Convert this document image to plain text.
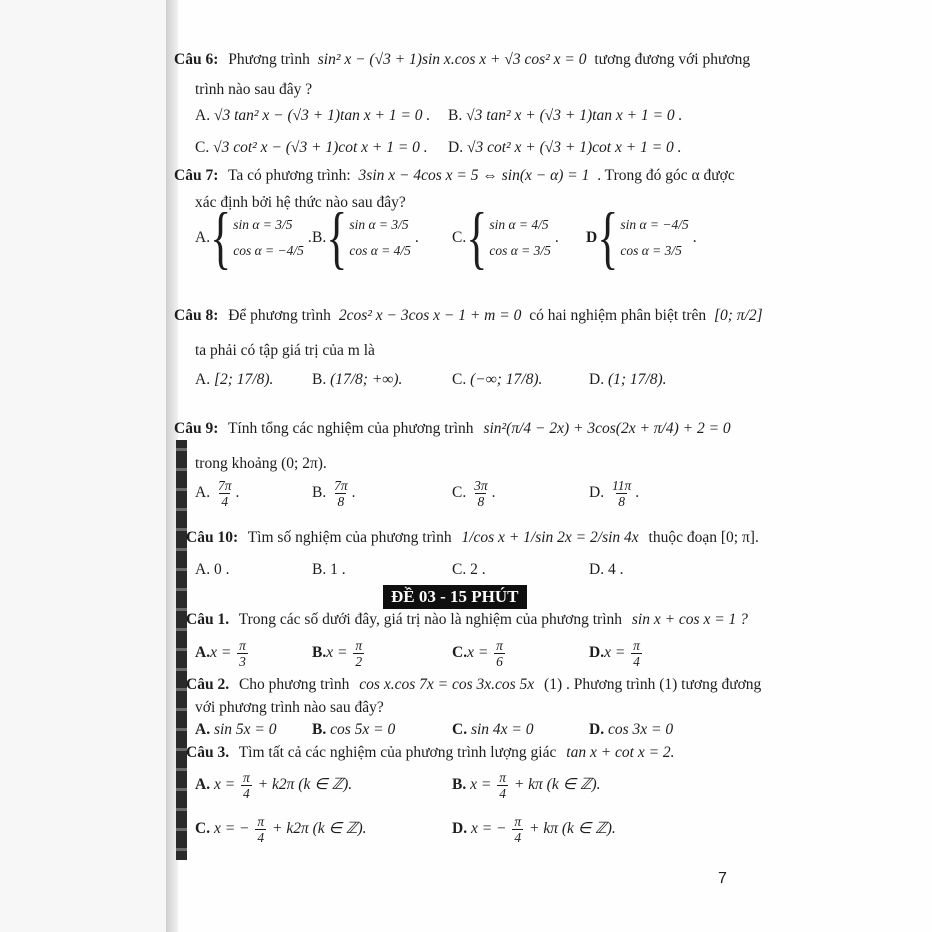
Câu 6: Phương trình sin² x − (√3 + 1)sin x.cos x + √3 cos² x = 0 tương đương với phương
trình nào sau đây ?
A. √3 tan² x − (√3 + 1)tan x + 1 = 0 . B. √3 tan² x + (√3 + 1)tan x + 1 = 0 .
C. √3 cot² x − (√3 + 1)cot x + 1 = 0 . D. √3 cot² x + (√3 + 1)cot x + 1 = 0 .
Câu 7: Ta có phương trình: 3sin x − 4cos x = 5 ⇔ sin(x − α) = 1 . Trong đó góc α được
xác định bởi hệ thức nào sau đây?
A. { sin α = 3/5
cos α = −4/5
. B. { sin α = 3/5
cos α = 4/5
. C. { sin α = 4/5
cos α = 3/5
. D { sin α = −4/5
cos α = 3/5
.
Câu 8: Để phương trình 2cos² x − 3cos x − 1 + m = 0 có hai nghiệm phân biệt trên [0; π/2]
ta phải có tập giá trị của m là
A. [2; 17/8). B. (17/8; +∞).	C. (−∞; 17/8).	D. (1; 17/8).
Câu 9: Tính tổng các nghiệm của phương trình sin²(π/4 − 2x) + 3cos(2x + π/4) + 2 = 0
trong khoảng (0; 2π).
A. $\frac{7\pi}{4}$ .	B. $\frac{7\pi}{8}$ .	C. $\frac{3\pi}{8}$ .	D. $\frac{11\pi}{8}$ .
Câu 10: Tìm số nghiệm của phương trình 1/cos x + 1/sin 2x = 2/sin 4x thuộc đoạn [0; π].
A. 0 .	B. 1 .	C. 2 .	D. 4 .
ĐỀ 03 - 15 PHÚT
Câu 1. Trong các số dưới đây, giá trị nào là nghiệm của phương trình sin x + cos x = 1 ?
$A.x = \frac{\pi}{3}$	$B.x = \frac{\pi}{2}$	$C.x = \frac{\pi}{6}$	$D.x = \frac{\pi}{4}$
Câu 2. Cho phương trình cos x.cos 7x = cos 3x.cos 5x (1) . Phương trình (1) tương đương
với phương trình nào sau đây?
A. sin 5x = 0 B. cos 5x = 0	C. sin 4x = 0	D. cos 3x = 0
Câu 3. Tìm tất cả các nghiệm của phương trình lượng giác tan x + cot x = 2.
A. $x = \frac{\pi}{4} + k2\pi$ (k ∈ ℤ).	B. $x = \frac{\pi}{4} + k\pi$ (k ∈ ℤ).
C. x = − $\frac{\pi}{4} + k2\pi$ (k ∈ ℤ).	D. x = − $\frac{\pi}{4} + k\pi$ (k ∈ ℤ).
7
